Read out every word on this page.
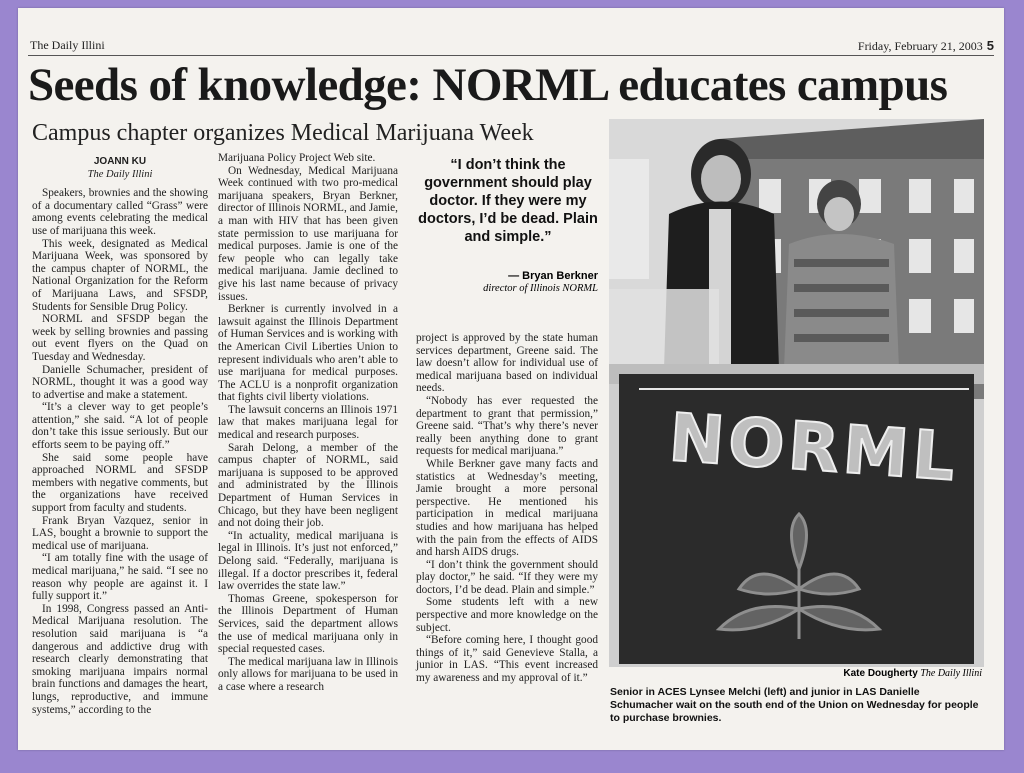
The Daily Illini	Friday, February 21, 2003 5
Seeds of knowledge: NORML educates campus
Campus chapter organizes Medical Marijuana Week
JOANN KU
The Daily Illini

Speakers, brownies and the showing of a documentary called “Grass” were among events celebrating the medical use of marijuana this week.

This week, designated as Medical Marijuana Week, was sponsored by the campus chapter of NORML, the National Organization for the Reform of Marijuana Laws, and SFSDP, Students for Sensible Drug Policy.

NORML and SFSDP began the week by selling brownies and passing out event flyers on the Quad on Tuesday and Wednesday.

Danielle Schumacher, president of NORML, thought it was a good way to advertise and make a statement.

“It’s a clever way to get people’s attention,” she said. “A lot of people don’t take this issue seriously. But our efforts seem to be paying off.”

She said some people have approached NORML and SFSDP members with negative comments, but the organizations have received support from faculty and students.

Frank Bryan Vazquez, senior in LAS, bought a brownie to support the medical use of marijuana.

“I am totally fine with the usage of medical marijuana,” he said. “I see no reason why people are against it. I fully support it.”

In 1998, Congress passed an Anti-Medical Marijuana resolution. The resolution said marijuana is “a dangerous and addictive drug with research clearly demonstrating that smoking marijuana impairs normal brain functions and damages the heart, lungs, reproductive, and immune systems,” according to the

Marijuana Policy Project Web site.

On Wednesday, Medical Marijuana Week continued with two pro-medical marijuana speakers, Bryan Berkner, director of Illinois NORML, and Jamie, a man with HIV that has been given state permission to use marijuana for medical purposes. Jamie is one of the few people who can legally take medical marijuana. Jamie declined to give his last name because of privacy issues.

Berkner is currently involved in a lawsuit against the Illinois Department of Human Services and is working with the American Civil Liberties Union to represent individuals who aren’t able to use marijuana for medical purposes. The ACLU is a nonprofit organization that fights civil liberty violations.

The lawsuit concerns an Illinois 1971 law that makes marijuana legal for medical and research purposes.

Sarah Delong, a member of the campus chapter of NORML, said marijuana is supposed to be approved and administrated by the Illinois Department of Human Services in Chicago, but they have been negligent and not doing their job.

“In actuality, medical marijuana is legal in Illinois. It’s just not enforced,” Delong said. “Federally, marijuana is illegal. If a doctor prescribes it, federal law overrides the state law.”

Thomas Greene, spokesperson for the Illinois Department of Human Services, said the department allows the use of medical marijuana only in special requested cases.

The medical marijuana law in Illinois only allows for marijuana to be used in a case where a research

“I don’t think the government should play doctor. If they were my doctors, I’d be dead. Plain and simple.”
— Bryan Berkner
director of Illinois NORML

project is approved by the state human services department, Greene said. The law doesn’t allow for individual use of medical marijuana based on individual needs.

“Nobody has ever requested the department to grant that permission,” Greene said. “That’s why there’s never really been anything done to grant requests for medical marijuana.”

While Berkner gave many facts and statistics at Wednesday’s meeting, Jamie brought a more personal perspective. He mentioned his participation in medical marijuana studies and how marijuana has helped with the pain from the effects of AIDS and harsh AIDS drugs.

“I don’t think the government should play doctor,” he said. “If they were my doctors, I’d be dead. Plain and simple.”

Some students left with a new perspective and more knowledge on the subject.

“Before coming here, I thought good things of it,” said Genevieve Stalla, a junior in LAS. “This event increased my awareness and my approval of it.”

NORML
Kate Dougherty The Daily Illini
Senior in ACES Lynsee Melchi (left) and junior in LAS Danielle Schumacher wait on the south end of the Union on Wednesday for people to purchase brownies.
